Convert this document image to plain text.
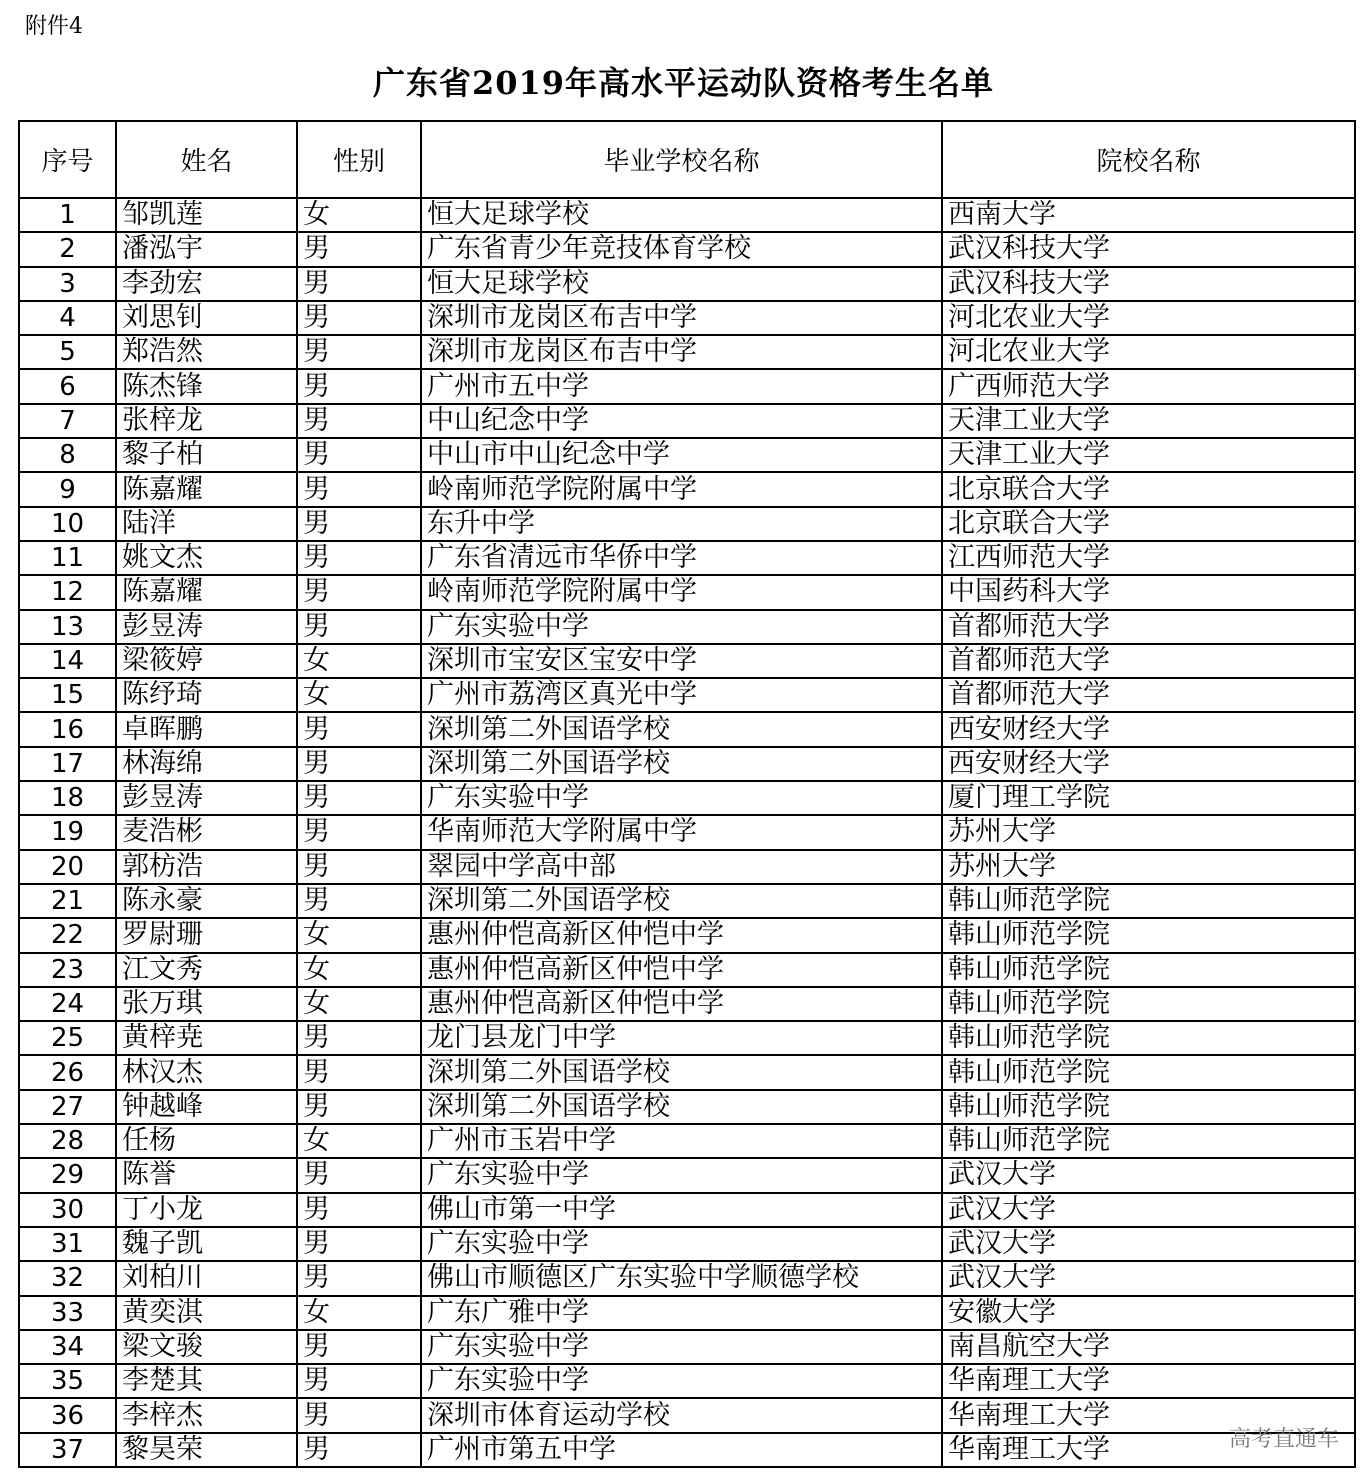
附件4
广东省2019年高水平运动队资格考生名单
序号	姓名	性别	毕业学校名称	院校名称
1	邹凯莲	女	恒大足球学校	西南大学
2	潘泓宇	男	广东省青少年竞技体育学校	武汉科技大学
3	李劲宏	男	恒大足球学校	武汉科技大学
4	刘思钊	男	深圳市龙岗区布吉中学	河北农业大学
5	郑浩然	男	深圳市龙岗区布吉中学	河北农业大学
6	陈杰锋	男	广州市五中学	广西师范大学
7	张梓龙	男	中山纪念中学	天津工业大学
8	黎子柏	男	中山市中山纪念中学	天津工业大学
9	陈嘉耀	男	岭南师范学院附属中学	北京联合大学
10	陆洋	男	东升中学	北京联合大学
11	姚文杰	男	广东省清远市华侨中学	江西师范大学
12	陈嘉耀	男	岭南师范学院附属中学	中国药科大学
13	彭昱涛	男	广东实验中学	首都师范大学
14	梁筱婷	女	深圳市宝安区宝安中学	首都师范大学
15	陈纾琦	女	广州市荔湾区真光中学	首都师范大学
16	卓晖鹏	男	深圳第二外国语学校	西安财经大学
17	林海绵	男	深圳第二外国语学校	西安财经大学
18	彭昱涛	男	广东实验中学	厦门理工学院
19	麦浩彬	男	华南师范大学附属中学	苏州大学
20	郭枋浩	男	翠园中学高中部	苏州大学
21	陈永豪	男	深圳第二外国语学校	韩山师范学院
22	罗尉珊	女	惠州仲恺高新区仲恺中学	韩山师范学院
23	江文秀	女	惠州仲恺高新区仲恺中学	韩山师范学院
24	张万琪	女	惠州仲恺高新区仲恺中学	韩山师范学院
25	黄梓尭	男	龙门县龙门中学	韩山师范学院
26	林汉杰	男	深圳第二外国语学校	韩山师范学院
27	钟越峰	男	深圳第二外国语学校	韩山师范学院
28	任杨	女	广州市玉岩中学	韩山师范学院
29	陈誉	男	广东实验中学	武汉大学
30	丁小龙	男	佛山市第一中学	武汉大学
31	魏子凯	男	广东实验中学	武汉大学
32	刘柏川	男	佛山市顺德区广东实验中学顺德学校	武汉大学
33	黄奕淇	女	广东广雅中学	安徽大学
34	梁文骏	男	广东实验中学	南昌航空大学
35	李楚其	男	广东实验中学	华南理工大学
36	李梓杰	男	深圳市体育运动学校	华南理工大学
37	黎昊荣	男	广州市第五中学	华南理工大学	高考直通车
